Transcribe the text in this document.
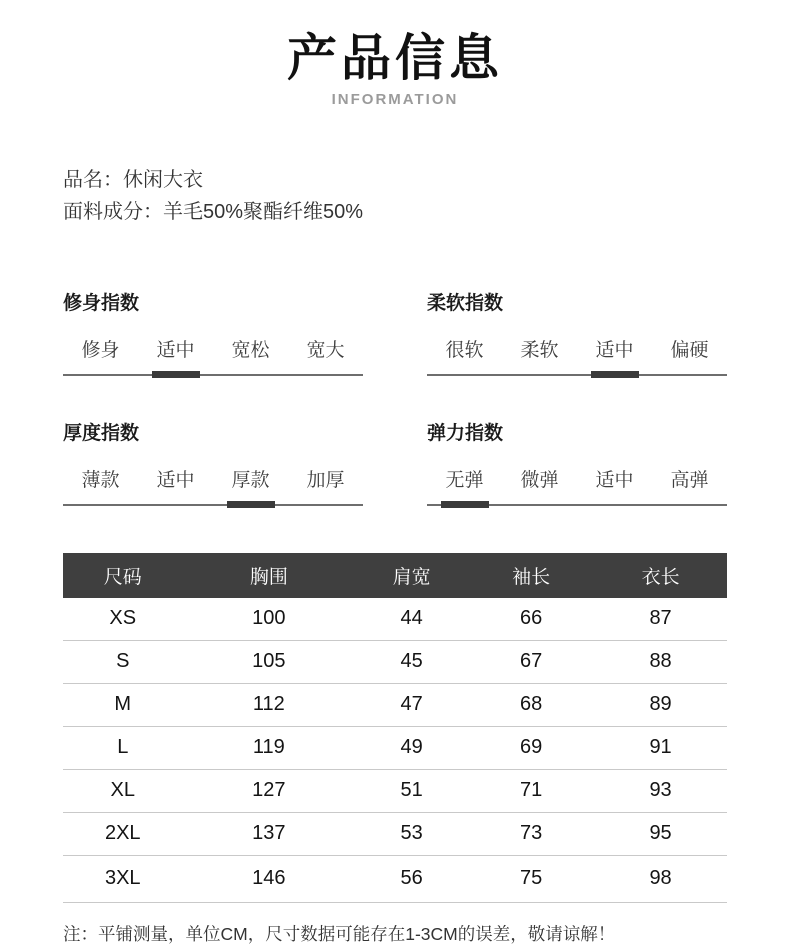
产品信息
INFORMATION
品名：休闲大衣
面料成分：羊毛50%聚酯纤维50%
修身指数
修身	适中	宽松	宽大
柔软指数
很软	柔软	适中	偏硬
厚度指数
薄款	适中	厚款	加厚
弹力指数
无弹	微弹	适中	高弹
尺码	胸围	肩宽	袖长	衣长
XS	100	44	66	87
S	105	45	67	88
M	112	47	68	89
L	119	49	69	91
XL	127	51	71	93
2XL	137	53	73	95
3XL	146	56	75	98
注：平铺测量，单位CM，尺寸数据可能存在1-3CM的误差，敬请谅解！
